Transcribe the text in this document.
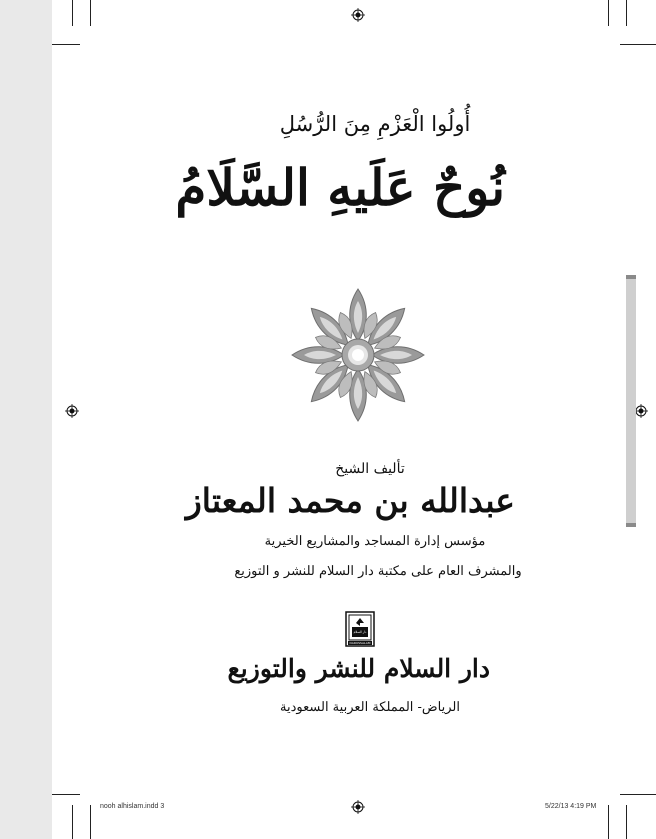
أُولُوا الْعَزْمِ مِنَ الرُّسُلِ
نُوحٌ عَلَيهِ السَّلَامُ
تأليف الشيخ
عبدالله بن محمد المعتاز
مؤسس إدارة المساجد والمشاريع الخيرية
والمشرف العام على مكتبة دار السلام للنشر و التوزيع
دار السلام
DARUSSALAM
دار السلام للنشر والتوزيع
الرياض- المملكة العربية السعودية
nooh alhislam.indd 3	5/22/13 4:19 PM
